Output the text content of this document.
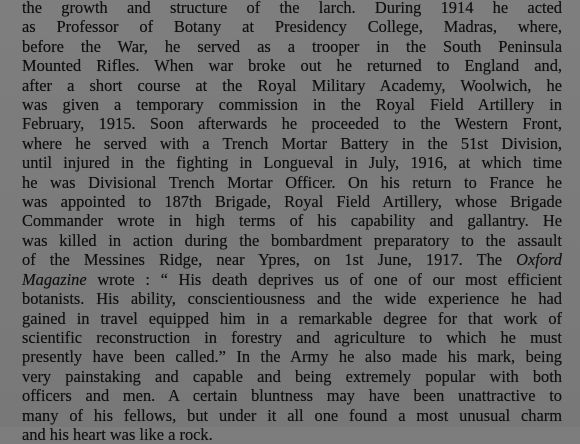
the growth and structure of the larch. During 1914 he acted
as Professor of Botany at Presidency College, Madras, where,
before the War, he served as a trooper in the South Peninsula
Mounted Rifles. When war broke out he returned to England and,
after a short course at the Royal Military Academy, Woolwich, he
was given a temporary commission in the Royal Field Artillery in
February, 1915. Soon afterwards he proceeded to the Western Front,
where he served with a Trench Mortar Battery in the 51st Division,
until injured in the fighting in Longueval in July, 1916, at which time
he was Divisional Trench Mortar Officer. On his return to France he
was appointed to 187th Brigade, Royal Field Artillery, whose Brigade
Commander wrote in high terms of his capability and gallantry. He
was killed in action during the bombardment preparatory to the assault
of the Messines Ridge, near Ypres, on 1st June, 1917. The Oxford
Magazine wrote : “ His death deprives us of one of our most efficient
botanists. His ability, conscientiousness and the wide experience he had
gained in travel equipped him in a remarkable degree for that work of
scientific reconstruction in forestry and agriculture to which he must
presently have been called.” In the Army he also made his mark, being
very painstaking and capable and being extremely popular with both
officers and men. A certain bluntness may have been unattractive to
many of his fellows, but under it all one found a most unusual charm
and his heart was like a rock.
